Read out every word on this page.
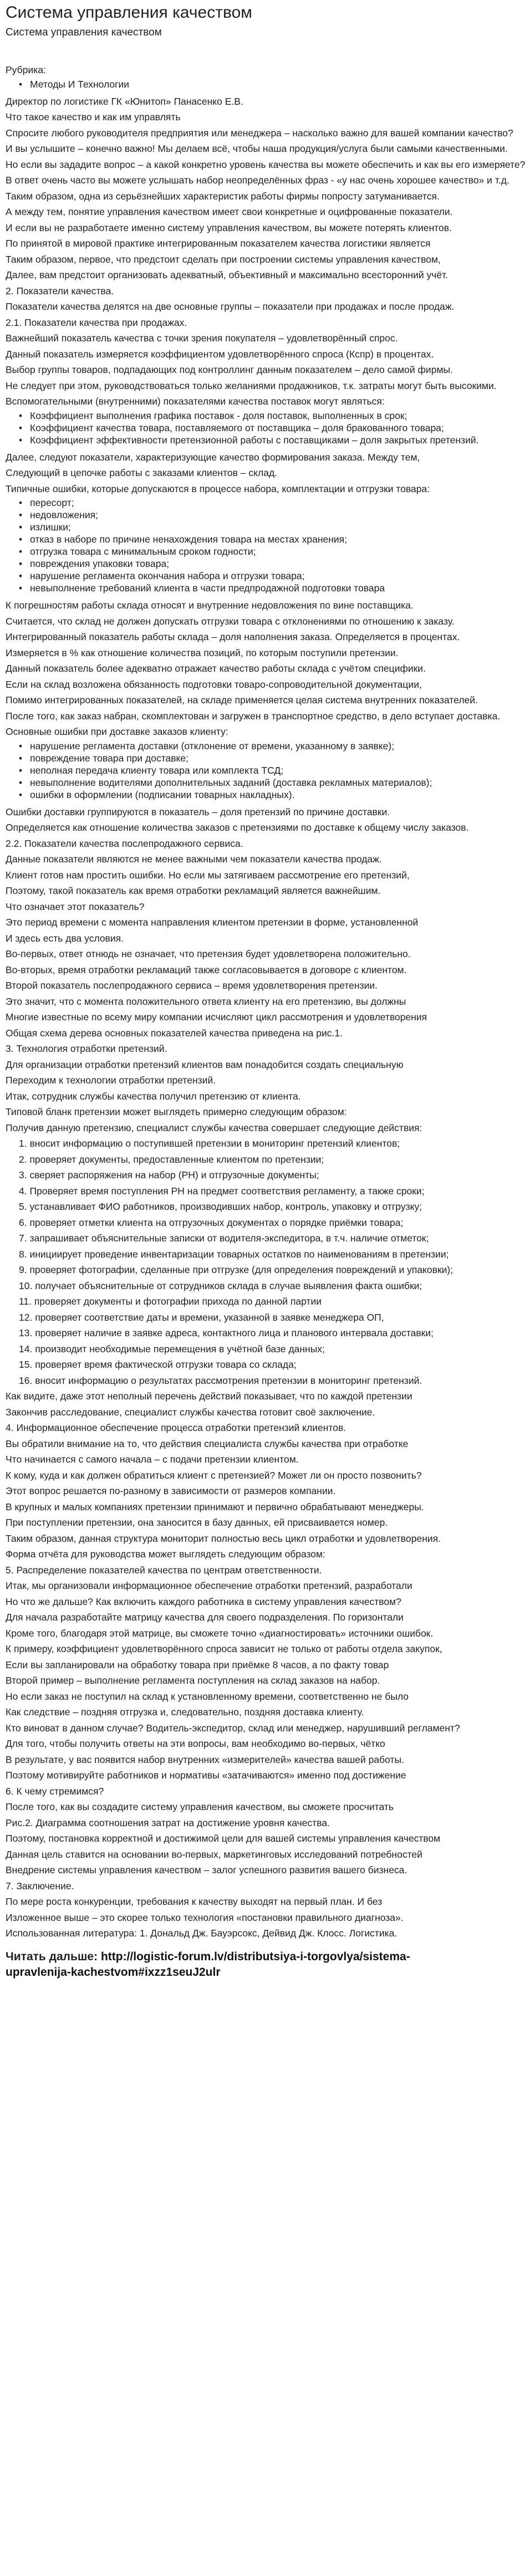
Система управления качеством
Система управления качеством
Рубрика:
• Методы И Технологии
Директор по логистике ГК «Юнитоп» Панасенко Е.В.
Что такое качество и как им управлять
Спросите любого руководителя предприятия или менеджера – насколько важно для вашей компании качество?
И вы услышите – конечно важно! Мы делаем всё, чтобы наша продукция/услуга были самыми качественными.
Но если вы зададите вопрос – а какой конкретно уровень качества вы можете обеспечить и как вы его измеряете?
В ответ очень часто вы можете услышать набор неопределённых фраз - «у нас очень хорошее качество» и т.д.
Таким образом, одна из серьёзнейших характеристик работы фирмы попросту затуманивается.
А между тем, понятие управления качеством имеет свои конкретные и оцифрованные показатели.
И если вы не разработаете именно систему управления качеством, вы можете потерять клиентов.
По принятой в мировой практике интегрированным показателем качества логистики является
Таким образом, первое, что предстоит сделать при построении системы управления качеством,
Далее, вам предстоит организовать адекватный, объективный и максимально всесторонний учёт.
2. Показатели качества.
Показатели качества делятся на две основные группы – показатели при продажах и после продаж.
2.1. Показатели качества при продажах.
Важнейший показатель качества с точки зрения покупателя – удовлетворённый спрос.
Данный показатель измеряется коэффициентом удовлетворённого спроса (Кспр) в процентах.
Выбор группы товаров, подпадающих под контроллинг данным показателем – дело самой фирмы.
Не следует при этом, руководствоваться только желаниями продажников, т.к. затраты могут быть высокими.
Вспомогательными (внутренними) показателями качества поставок могут являться:
• Коэффициент выполнения графика поставок - доля поставок, выполненных в срок;
• Коэффициент качества товара, поставляемого от поставщика – доля бракованного товара;
• Коэффициент эффективности претензионной работы с поставщиками – доля закрытых претензий.
Далее, следуют показатели, характеризующие качество формирования заказа. Между тем,
Следующий в цепочке работы с заказами клиентов – склад.
Типичные ошибки, которые допускаются в процессе набора, комплектации и отгрузки товара:
• пересорт;
• недовложения;
• излишки;
• отказ в наборе по причине ненахождения товара на местах хранения;
• отгрузка товара с минимальным сроком годности;
• повреждения упаковки товара;
• нарушение регламента окончания набора и отгрузки товара;
• невыполнение требований клиента в части предпродажной подготовки товара
К погрешностям работы склада относят и внутренние недовложения по вине поставщика.
Считается, что склад не должен допускать отгрузки товара с отклонениями по отношению к заказу.
Интегрированный показатель работы склада – доля наполнения заказа. Определяется в процентах.
Измеряется в % как отношение количества позиций, по которым поступили претензии.
Данный показатель более адекватно отражает качество работы склада с учётом специфики.
Если на склад возложена обязанность подготовки товаро-сопроводительной документации,
Помимо интегрированных показателей, на складе применяется целая система внутренних показателей.
После того, как заказ набран, скомплектован и загружен в транспортное средство, в дело вступает доставка.
Основные ошибки при доставке заказов клиенту:
• нарушение регламента доставки (отклонение от времени, указанному в заявке);
• повреждение товара при доставке;
• неполная передача клиенту товара или комплекта ТСД;
• невыполнение водителями дополнительных заданий (доставка рекламных материалов);
• ошибки в оформлении (подписании товарных накладных).
Ошибки доставки группируются в показатель – доля претензий по причине доставки.
Определяется как отношение количества заказов с претензиями по доставке к общему числу заказов.
2.2. Показатели качества послепродажного сервиса.
Данные показатели являются не менее важными чем показатели качества продаж.
Клиент готов нам простить ошибки. Но если мы затягиваем рассмотрение его претензий,
Поэтому, такой показатель как время отработки рекламаций является важнейшим.
Что означает этот показатель?
Это период времени с момента направления клиентом претензии в форме, установленной
И здесь есть два условия.
Во-первых, ответ отнюдь не означает, что претензия будет удовлетворена положительно.
Во-вторых, время отработки рекламаций также согласовывается в договоре с клиентом.
Второй показатель послепродажного сервиса – время удовлетворения претензии.
Это значит, что с момента положительного ответа клиенту на его претензию, вы должны
Многие известные по всему миру компании исчисляют цикл рассмотрения и удовлетворения
Общая схема дерева основных показателей качества приведена на рис.1.
3. Технология отработки претензий.
Для организации отработки претензий клиентов вам понадобится создать специальную
Переходим к технологии отработки претензий.
Итак, сотрудник службы качества получил претензию от клиента.
Типовой бланк претензии может выглядеть примерно следующим образом:
Получив данную претензию, специалист службы качества совершает следующие действия:
1. вносит информацию о поступившей претензии в мониторинг претензий клиентов;
2. проверяет документы, предоставленные клиентом по претензии;
3. сверяет распоряжения на набор (РН) и отгрузочные документы;
4. Проверяет время поступления РН на предмет соответствия регламенту, а также сроки;
5. устанавливает ФИО работников, производивших набор, контроль, упаковку и отгрузку;
6. проверяет отметки клиента на отгрузочных документах о порядке приёмки товара;
7. запрашивает объяснительные записки от водителя-экспедитора, в т.ч. наличие отметок;
8. инициирует проведение инвентаризации товарных остатков по наименованиям в претензии;
9. проверяет фотографии, сделанные при отгрузке (для определения повреждений и упаковки);
10. получает объяснительные от сотрудников склада в случае выявления факта ошибки;
11. проверяет документы и фотографии прихода по данной партии
12. проверяет соответствие даты и времени, указанной в заявке менеджера ОП,
13. проверяет наличие в заявке адреса, контактного лица и планового интервала доставки;
14. производит необходимые перемещения в учётной базе данных;
15. проверяет время фактической отгрузки товара со склада;
16. вносит информацию о результатах рассмотрения претензии в мониторинг претензий.
Как видите, даже этот неполный перечень действий показывает, что по каждой претензии
Закончив расследование, специалист службы качества готовит своё заключение.
4. Информационное обеспечение процесса отработки претензий клиентов.
Вы обратили внимание на то, что действия специалиста службы качества при отработке
Что начинается с самого начала – с подачи претензии клиентом.
К кому, куда и как должен обратиться клиент с претензией? Может ли он просто позвонить?
Этот вопрос решается по-разному в зависимости от размеров компании.
В крупных и малых компаниях претензии принимают и первично обрабатывают менеджеры.
При поступлении претензии, она заносится в базу данных, ей присваивается номер.
Таким образом, данная структура мониторит полностью весь цикл отработки и удовлетворения.
Форма отчёта для руководства может выглядеть следующим образом:
5. Распределение показателей качества по центрам ответственности.
Итак, мы организовали информационное обеспечение отработки претензий, разработали
Но что же дальше? Как включить каждого работника в систему управления качеством?
Для начала разработайте матрицу качества для своего подразделения. По горизонтали
Кроме того, благодаря этой матрице, вы сможете точно «диагностировать» источники ошибок.
К примеру, коэффициент удовлетворённого спроса зависит не только от работы отдела закупок,
Если вы запланировали на обработку товара при приёмке 8 часов, а по факту товар
Второй пример – выполнение регламента поступления на склад заказов на набор.
Но если заказ не поступил на склад к установленному времени, соответственно не было
Как следствие – поздняя отгрузка и, следовательно, поздняя доставка клиенту.
Кто виноват в данном случае? Водитель-экспедитор, склад или менеджер, нарушивший регламент?
Для того, чтобы получить ответы на эти вопросы, вам необходимо во-первых, чётко
В результате, у вас появится набор внутренних «измерителей» качества вашей работы.
Поэтому мотивируйте работников и нормативы «затачиваются» именно под достижение
6. К чему стремимся?
После того, как вы создадите систему управления качеством, вы сможете просчитать
Рис.2. Диаграмма соотношения затрат на достижение уровня качества.
Поэтому, постановка корректной и достижимой цели для вашей системы управления качеством
Данная цель ставится на основании во-первых, маркетинговых исследований потребностей
Внедрение системы управления качеством – залог успешного развития вашего бизнеса.
7. Заключение.
По мере роста конкуренции, требования к качеству выходят на первый план. И без
Изложенное выше – это скорее только технология «постановки правильного диагноза».
Использованная литература: 1. Дональд Дж. Бауэрсокс, Дейвид Дж. Клосс. Логистика.
Читать дальше: http://logistic-forum.lv/distributsiya-i-torgovlya/sistema-upravlenija-kachestvom#ixzz1seuJ2ulr
